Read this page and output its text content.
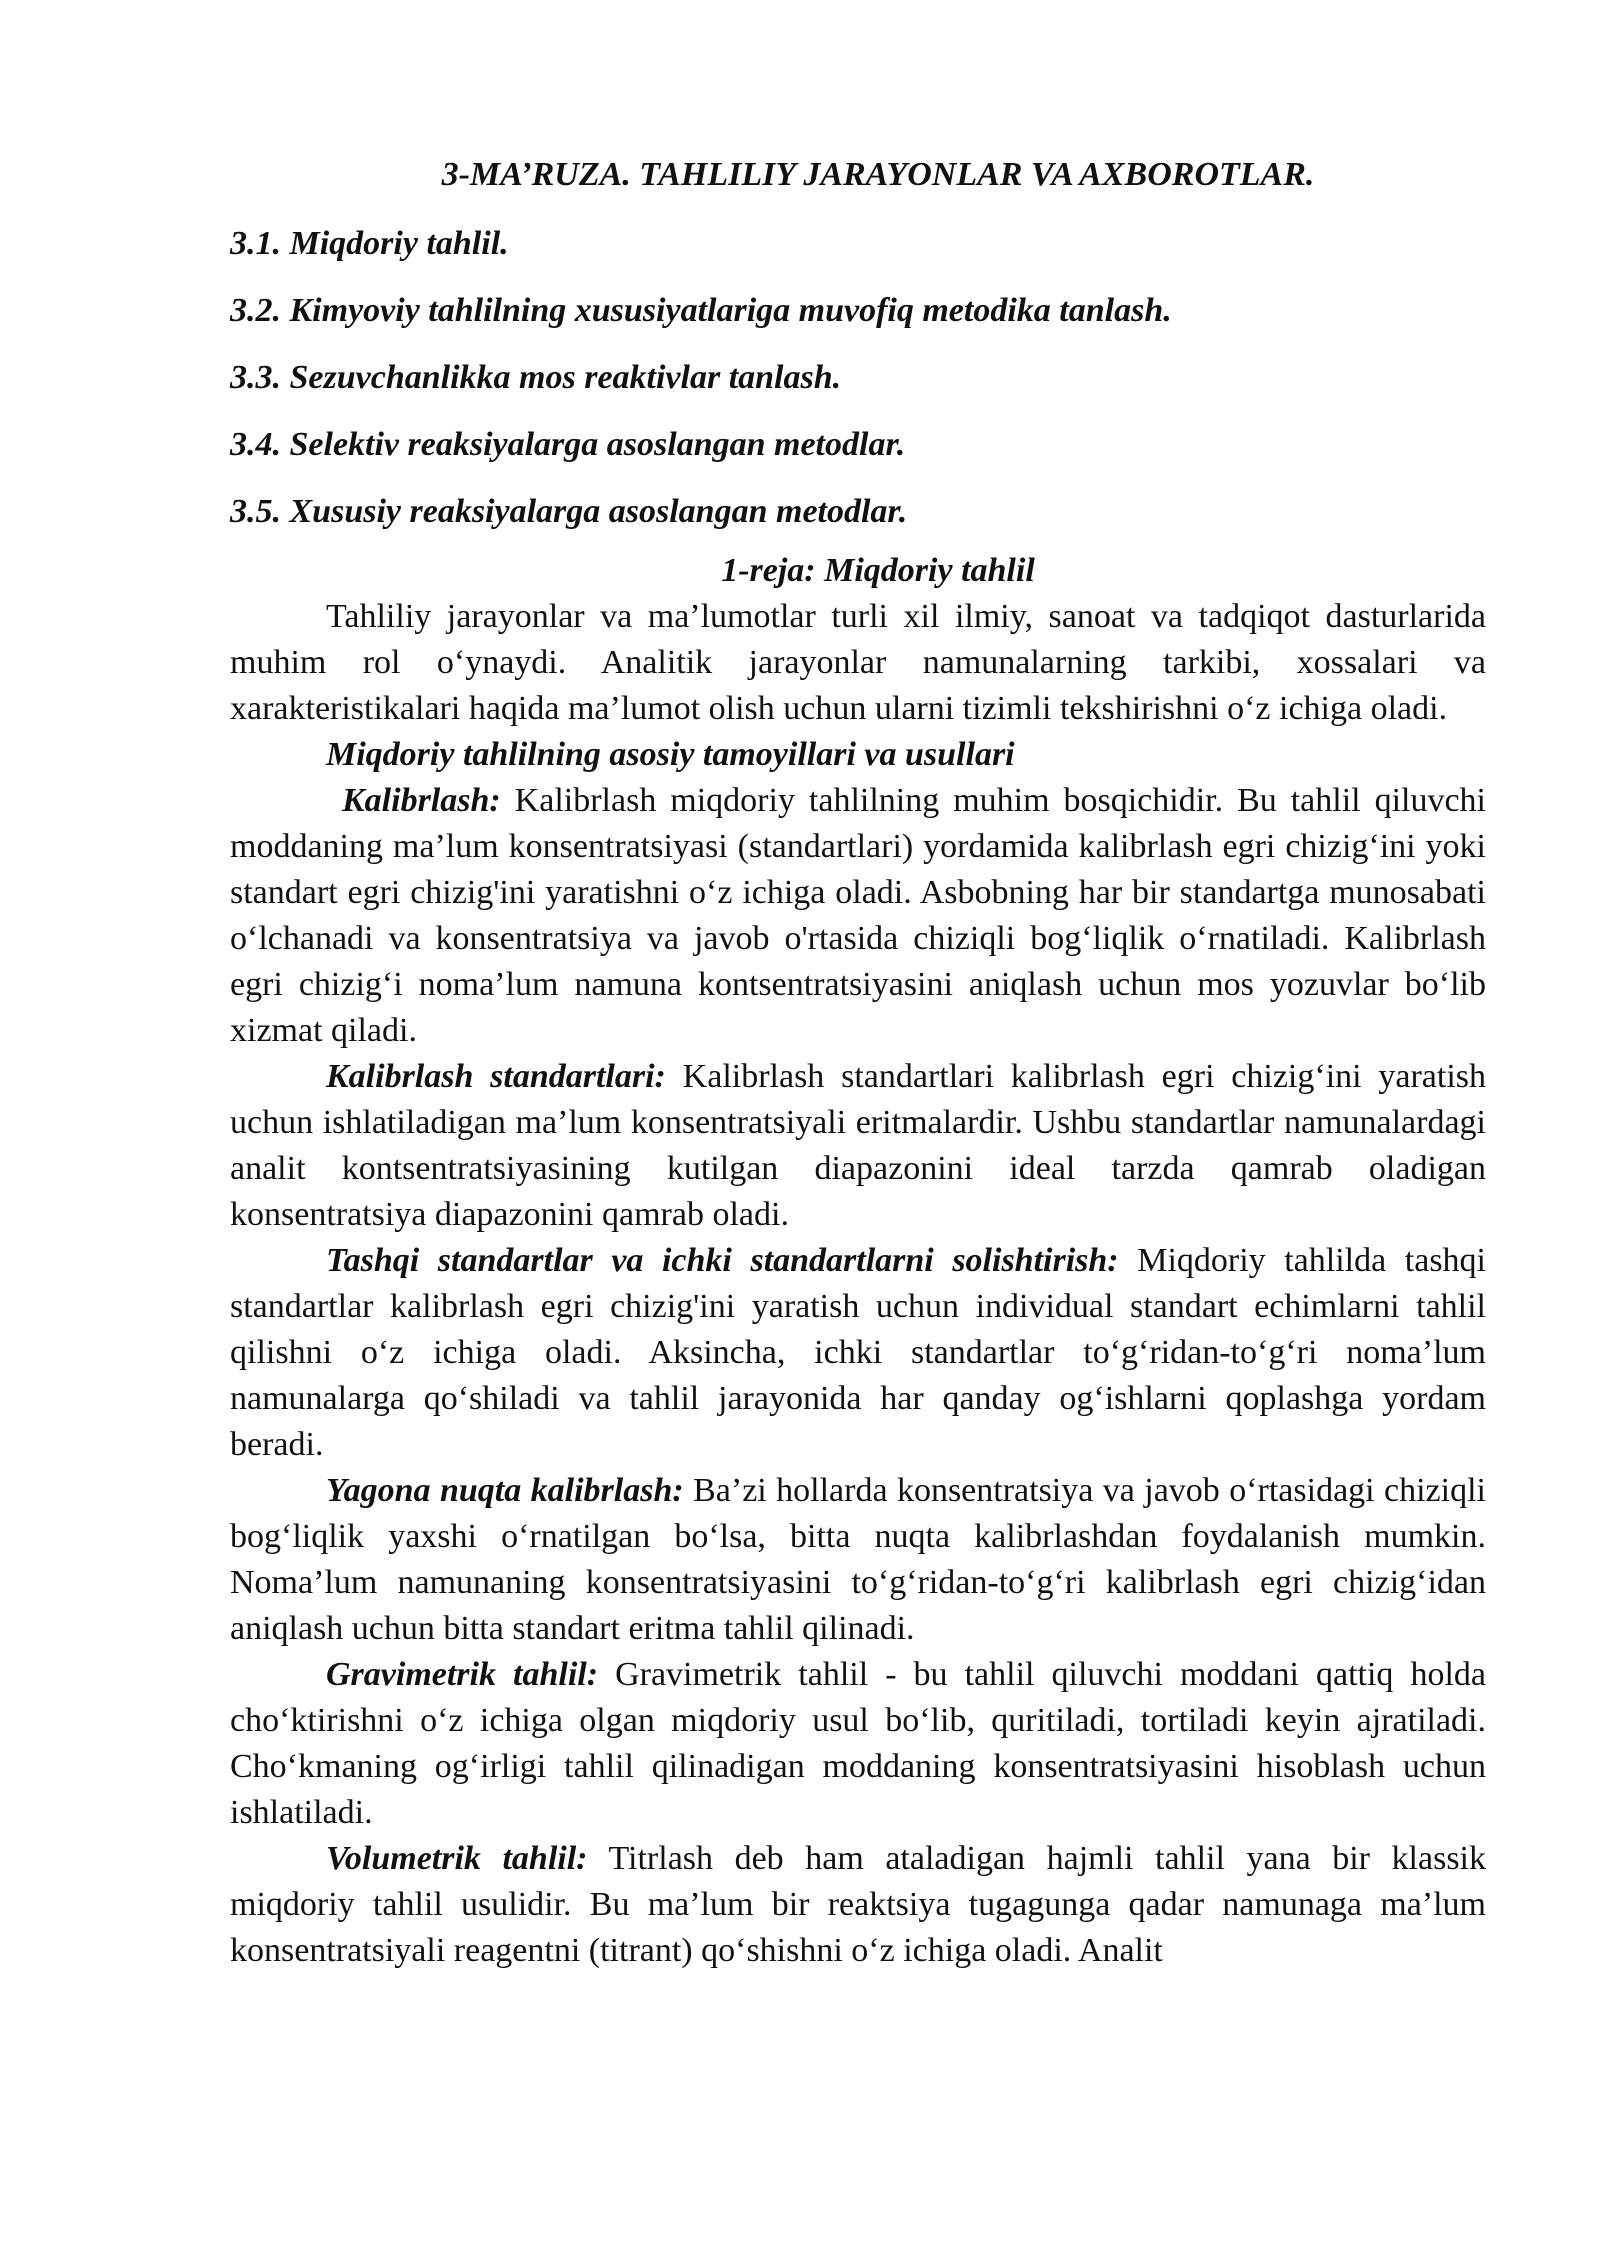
3-MA’RUZA. TAHLILIY JARAYONLAR VA AXBOROTLAR.

3.1. Miqdoriy tahlil.

3.2. Kimyoviy tahlilning xususiyatlariga muvofiq metodika tanlash.

3.3. Sezuvchanlikka mos reaktivlar tanlash.

3.4. Selektiv reaksiyalarga asoslangan metodlar.

3.5. Xususiy reaksiyalarga asoslangan metodlar.

1-reja: Miqdoriy tahlil

Tahliliy jarayonlar va ma’lumotlar turli xil ilmiy, sanoat va tadqiqot dasturlarida muhim rol o‘ynaydi. Analitik jarayonlar namunalarning tarkibi, xossalari va xarakteristikalari haqida ma’lumot olish uchun ularni tizimli tekshirishni o‘z ichiga oladi.

Miqdoriy tahlilning asosiy tamoyillari va usullari

Kalibrlash: Kalibrlash miqdoriy tahlilning muhim bosqichidir. Bu tahlil qiluvchi moddaning ma’lum konsentratsiyasi (standartlari) yordamida kalibrlash egri chizig‘ini yoki standart egri chizig'ini yaratishni o‘z ichiga oladi. Asbobning har bir standartga munosabati o‘lchanadi va konsentratsiya va javob o'rtasida chiziqli bog‘liqlik o‘rnatiladi. Kalibrlash egri chizig‘i noma’lum namuna kontsentratsiyasini aniqlash uchun mos yozuvlar bo‘lib xizmat qiladi.

Kalibrlash standartlari: Kalibrlash standartlari kalibrlash egri chizig‘ini yaratish uchun ishlatiladigan ma’lum konsentratsiyali eritmalardir. Ushbu standartlar namunalardagi analit kontsentratsiyasining kutilgan diapazonini ideal tarzda qamrab oladigan konsentratsiya diapazonini qamrab oladi.

Tashqi standartlar va ichki standartlarni solishtirish: Miqdoriy tahlilda tashqi standartlar kalibrlash egri chizig'ini yaratish uchun individual standart echimlarni tahlil qilishni o‘z ichiga oladi. Aksincha, ichki standartlar to‘g‘ridan-to‘g‘ri noma’lum namunalarga qo‘shiladi va tahlil jarayonida har qanday og‘ishlarni qoplashga yordam beradi.

Yagona nuqta kalibrlash: Ba’zi hollarda konsentratsiya va javob o‘rtasidagi chiziqli bog‘liqlik yaxshi o‘rnatilgan bo‘lsa, bitta nuqta kalibrlashdan foydalanish mumkin. Noma’lum namunaning konsentratsiyasini to‘g‘ridan-to‘g‘ri kalibrlash egri chizig‘idan aniqlash uchun bitta standart eritma tahlil qilinadi.

Gravimetrik tahlil: Gravimetrik tahlil - bu tahlil qiluvchi moddani qattiq holda cho‘ktirishni o‘z ichiga olgan miqdoriy usul bo‘lib, quritiladi, tortiladi keyin ajratiladi. Cho‘kmaning og‘irligi tahlil qilinadigan moddaning konsentratsiyasini hisoblash uchun ishlatiladi.

Volumetrik tahlil: Titrlash deb ham ataladigan hajmli tahlil yana bir klassik miqdoriy tahlil usulidir. Bu ma’lum bir reaktsiya tugagunga qadar namunaga ma’lum konsentratsiyali reagentni (titrant) qo‘shishni o‘z ichiga oladi. Analit
